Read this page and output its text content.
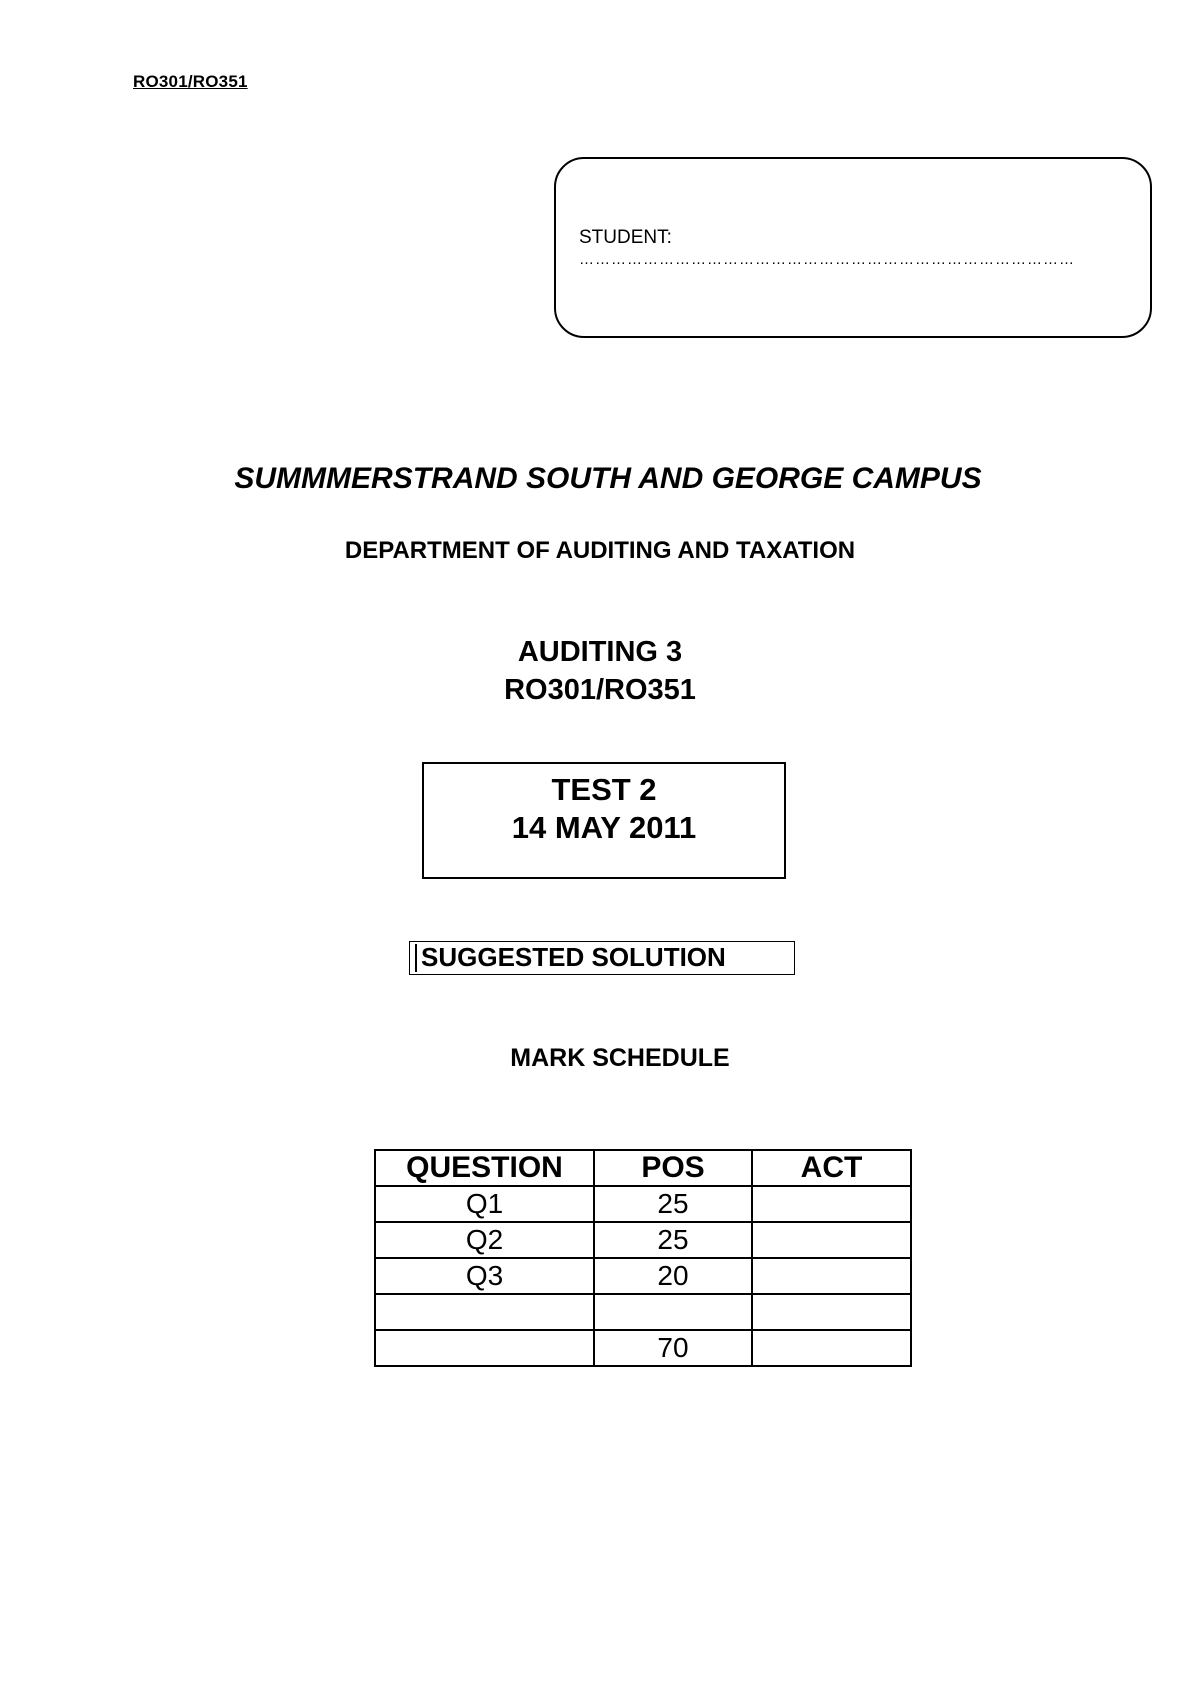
RO301/RO351
STUDENT:
…………………………………………………………………………………
SUMMMERSTRAND SOUTH AND GEORGE CAMPUS
DEPARTMENT OF AUDITING AND TAXATION
AUDITING 3
RO301/RO351
TEST 2
14 MAY 2011
SUGGESTED SOLUTION
MARK SCHEDULE
QUESTION	POS	ACT
Q1	25	
Q2	25	
Q3	20	

	70	
